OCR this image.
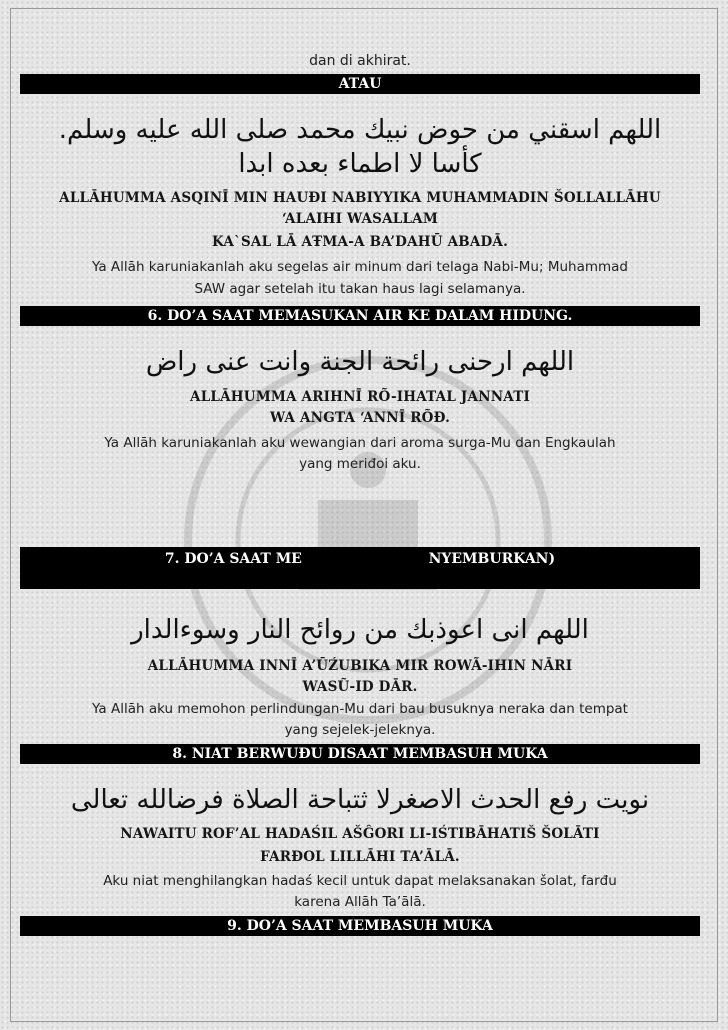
dan di akhirat.
ATAU
اللهم اسقني من حوض نبيك محمد صلى الله عليه وسلم.
كأسا لا اطماء بعده ابدا
ALLĀHUMMA ASQINĪ MIN HAUĐI NABIYYIKA MUHAMMADIN ŠOLLALLĀHU
‘ALAIHI WASALLAM
KA`SAL LĀ AŦMA-A BA’DAHŪ ABADĀ.
Ya Allāh karuniakanlah aku segelas air minum dari telaga Nabi-Mu; Muhammad
SAW agar setelah itu takan haus lagi selamanya.
6. DO’A SAAT MEMASUKAN AIR KE DALAM HIDUNG.
اللهم ارحنى رائحة الجنة وانت عنى راض
ALLĀHUMMA ARIHNĪ RÕ-IHATAL JANNATI
WA ANGTA ‘ANNĪ RÕĐ.
Ya Allāh karuniakanlah aku wewangian dari aroma surga-Mu dan Engkaulah
yang meriđoi aku.
7. DO’A SAAT ME                          NYEMBURKAN)
اللهم انى اعوذبك من روائح النار وسوءالدار
ALLĀHUMMA INNĪ A’ŪŹUBIKA MIR ROWÃ-IHIN NĀRI
WASŨ-ID DĀR.
Ya Allāh aku memohon perlindungan-Mu dari bau busuknya neraka dan tempat
yang sejelek-jeleknya.
8. NIAT BERWUĐU DISAAT MEMBASUH MUKA
نويت رفع الحدث الاصغرلا ثتباحة الصلاة فرضالله تعالى
NAWAITU ROF’AL HADAŚIL AŠĜORI LI-IŚTIBĀHATIŠ ŠOLĀTI
FARĐOL LILLĀHI TA’ĀLĀ.
Aku niat menghilangkan hadaś kecil untuk dapat melaksanakan šolat, farđu
karena Allāh Ta’ālā.
9. DO’A SAAT MEMBASUH MUKA
